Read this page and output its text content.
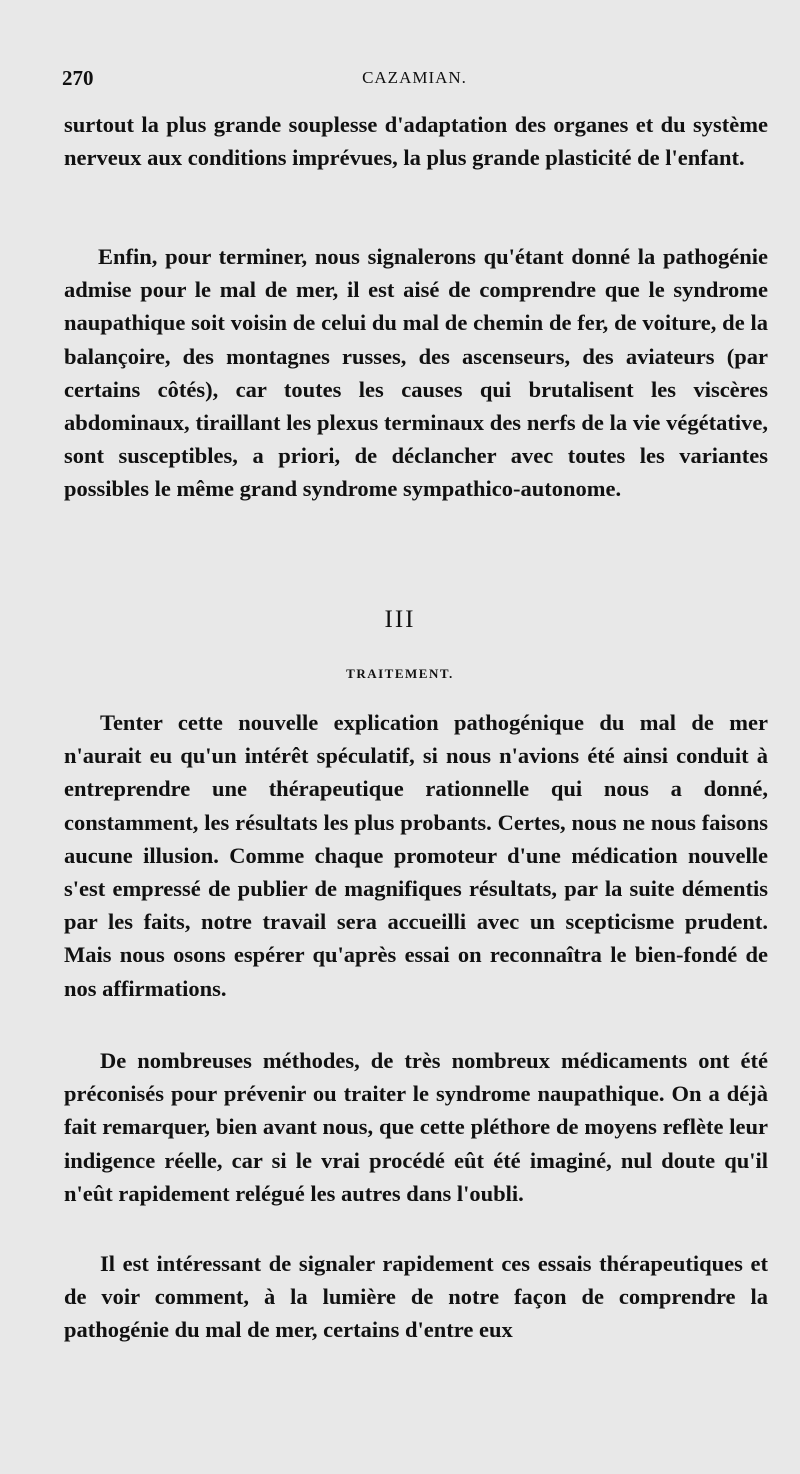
270	CAZAMIAN.

surtout la plus grande souplesse d'adaptation des organes et du système nerveux aux conditions imprévues, la plus grande plasticité de l'enfant.

Enfin, pour terminer, nous signalerons qu'étant donné la pathogénie admise pour le mal de mer, il est aisé de comprendre que le syndrome naupathique soit voisin de celui du mal de chemin de fer, de voiture, de la balançoire, des montagnes russes, des ascenseurs, des aviateurs (par certains côtés), car toutes les causes qui brutalisent les viscères abdominaux, tiraillant les plexus terminaux des nerfs de la vie végétative, sont susceptibles, a priori, de déclancher avec toutes les variantes possibles le même grand syndrome sympathico-autonome.

III
TRAITEMENT.

Tenter cette nouvelle explication pathogénique du mal de mer n'aurait eu qu'un intérêt spéculatif, si nous n'avions été ainsi conduit à entreprendre une thérapeutique rationnelle qui nous a donné, constamment, les résultats les plus probants. Certes, nous ne nous faisons aucune illusion. Comme chaque promoteur d'une médication nouvelle s'est empressé de publier de magnifiques résultats, par la suite démentis par les faits, notre travail sera accueilli avec un scepticisme prudent. Mais nous osons espérer qu'après essai on reconnaîtra le bien-fondé de nos affirmations.

De nombreuses méthodes, de très nombreux médicaments ont été préconisés pour prévenir ou traiter le syndrome naupathique. On a déjà fait remarquer, bien avant nous, que cette pléthore de moyens reflète leur indigence réelle, car si le vrai procédé eût été imaginé, nul doute qu'il n'eût rapidement relégué les autres dans l'oubli.

Il est intéressant de signaler rapidement ces essais thérapeutiques et de voir comment, à la lumière de notre façon de comprendre la pathogénie du mal de mer, certains d'entre eux
